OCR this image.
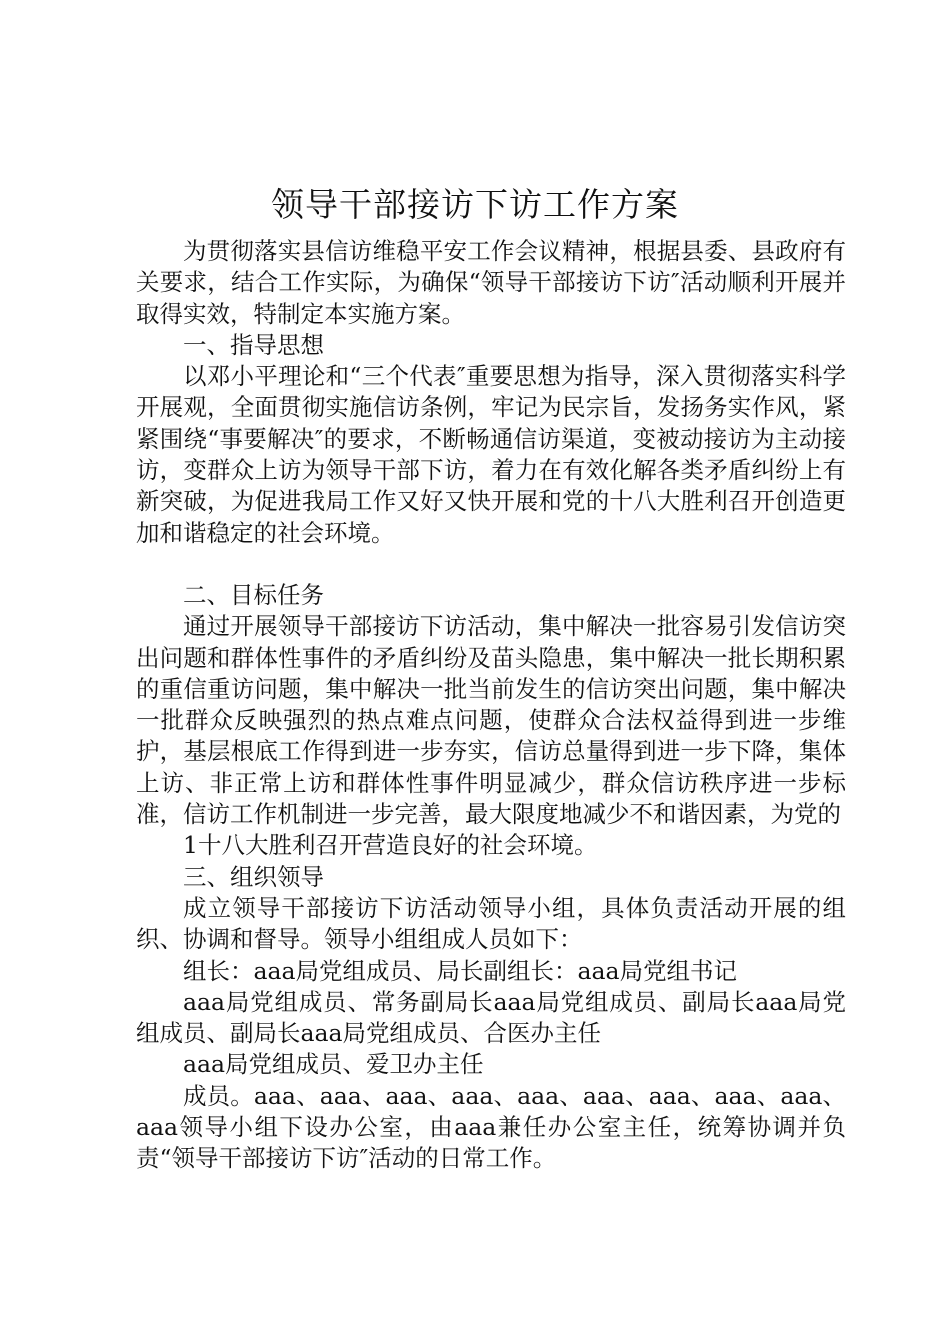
领导干部接访下访工作方案

为贯彻落实县信访维稳平安工作会议精神，根据县委、县政府有关要求，结合工作实际，为确保“领导干部接访下访″活动顺利开展并取得实效，特制定本实施方案。

一、指导思想

以邓小平理论和“三个代表″重要思想为指导，深入贯彻落实科学开展观，全面贯彻实施信访条例，牢记为民宗旨，发扬务实作风，紧紧围绕“事要解决″的要求，不断畅通信访渠道，变被动接访为主动接访，变群众上访为领导干部下访，着力在有效化解各类矛盾纠纷上有新突破，为促进我局工作又好又快开展和党的十八大胜利召开创造更加和谐稳定的社会环境。

二、目标任务

通过开展领导干部接访下访活动，集中解决一批容易引发信访突出问题和群体性事件的矛盾纠纷及苗头隐患，集中解决一批长期积累的重信重访问题，集中解决一批当前发生的信访突出问题，集中解决一批群众反映强烈的热点难点问题，使群众合法权益得到进一步维护，基层根底工作得到进一步夯实，信访总量得到进一步下降，集体上访、非正常上访和群体性事件明显减少，群众信访秩序进一步标准，信访工作机制进一步完善，最大限度地减少不和谐因素，为党的

1十八大胜利召开营造良好的社会环境。

三、组织领导

成立领导干部接访下访活动领导小组，具体负责活动开展的组织、协调和督导。领导小组组成人员如下：

组长：aaa局党组成员、局长副组长：aaa局党组书记

aaa局党组成员、常务副局长aaa局党组成员、副局长aaa局党组成员、副局长aaa局党组成员、合医办主任

aaa局党组成员、爱卫办主任

成员。aaa、aaa、aaa、aaa、aaa、aaa、aaa、aaa、aaa、aaa领导小组下设办公室，由aaa兼任办公室主任，统筹协调并负责“领导干部接访下访″活动的日常工作。
